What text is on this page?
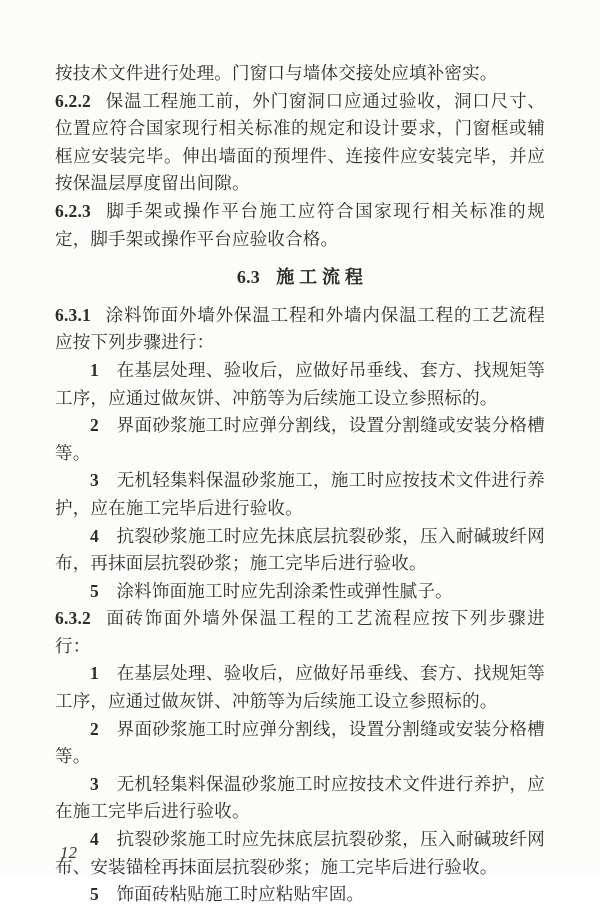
按技术文件进行处理。门窗口与墙体交接处应填补密实。

6.2.2 保温工程施工前，外门窗洞口应通过验收，洞口尺寸、位置应符合国家现行相关标准的规定和设计要求，门窗框或辅框应安装完毕。伸出墙面的预埋件、连接件应安装完毕，并应按保温层厚度留出间隙。

6.2.3 脚手架或操作平台施工应符合国家现行相关标准的规定，脚手架或操作平台应验收合格。

6.3 施 工 流 程

6.3.1 涂料饰面外墙外保温工程和外墙内保温工程的工艺流程应按下列步骤进行：

1 在基层处理、验收后，应做好吊垂线、套方、找规矩等工序，应通过做灰饼、冲筋等为后续施工设立参照标的。

2 界面砂浆施工时应弹分割线，设置分割缝或安装分格槽等。

3 无机轻集料保温砂浆施工，施工时应按技术文件进行养护，应在施工完毕后进行验收。

4 抗裂砂浆施工时应先抹底层抗裂砂浆，压入耐碱玻纤网布，再抹面层抗裂砂浆；施工完毕后进行验收。

5 涂料饰面施工时应先刮涂柔性或弹性腻子。

6.3.2 面砖饰面外墙外保温工程的工艺流程应按下列步骤进行：

1 在基层处理、验收后，应做好吊垂线、套方、找规矩等工序，应通过做灰饼、冲筋等为后续施工设立参照标的。

2 界面砂浆施工时应弹分割线，设置分割缝或安装分格槽等。

3 无机轻集料保温砂浆施工时应按技术文件进行养护，应在施工完毕后进行验收。

4 抗裂砂浆施工时应先抹底层抗裂砂浆，压入耐碱玻纤网布、安装锚栓再抹面层抗裂砂浆；施工完毕后进行验收。

5 饰面砖粘贴施工时应粘贴牢固。

12
